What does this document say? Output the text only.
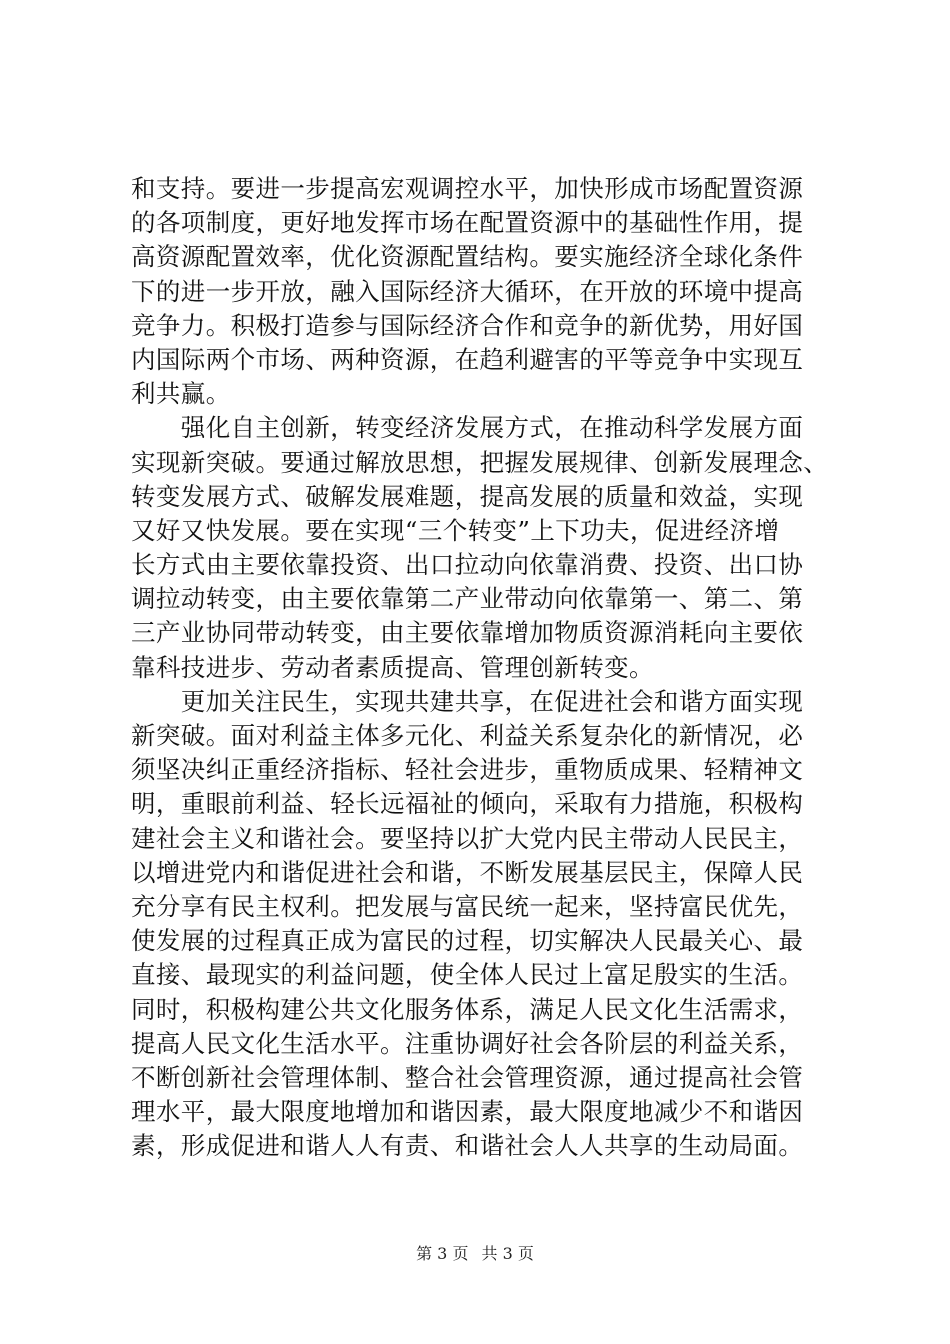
和支持。要进一步提高宏观调控水平，加快形成市场配置资源
的各项制度，更好地发挥市场在配置资源中的基础性作用，提
高资源配置效率，优化资源配置结构。要实施经济全球化条件
下的进一步开放，融入国际经济大循环，在开放的环境中提高
竞争力。积极打造参与国际经济合作和竞争的新优势，用好国
内国际两个市场、两种资源，在趋利避害的平等竞争中实现互
利共赢。
　　强化自主创新，转变经济发展方式，在推动科学发展方面
实现新突破。要通过解放思想，把握发展规律、创新发展理念、
转变发展方式、破解发展难题，提高发展的质量和效益，实现
又好又快发展。要在实现“三个转变”上下功夫，促进经济增
长方式由主要依靠投资、出口拉动向依靠消费、投资、出口协
调拉动转变，由主要依靠第二产业带动向依靠第一、第二、第
三产业协同带动转变，由主要依靠增加物质资源消耗向主要依
靠科技进步、劳动者素质提高、管理创新转变。
　　更加关注民生，实现共建共享，在促进社会和谐方面实现
新突破。面对利益主体多元化、利益关系复杂化的新情况，必
须坚决纠正重经济指标、轻社会进步，重物质成果、轻精神文
明，重眼前利益、轻长远福祉的倾向，采取有力措施，积极构
建社会主义和谐社会。要坚持以扩大党内民主带动人民民主，
以增进党内和谐促进社会和谐，不断发展基层民主，保障人民
充分享有民主权利。把发展与富民统一起来，坚持富民优先，
使发展的过程真正成为富民的过程，切实解决人民最关心、最
直接、最现实的利益问题，使全体人民过上富足殷实的生活。
同时，积极构建公共文化服务体系，满足人民文化生活需求，
提高人民文化生活水平。注重协调好社会各阶层的利益关系，
不断创新社会管理体制、整合社会管理资源，通过提高社会管
理水平，最大限度地增加和谐因素，最大限度地减少不和谐因
素，形成促进和谐人人有责、和谐社会人人共享的生动局面。
第 3 页 共 3 页
